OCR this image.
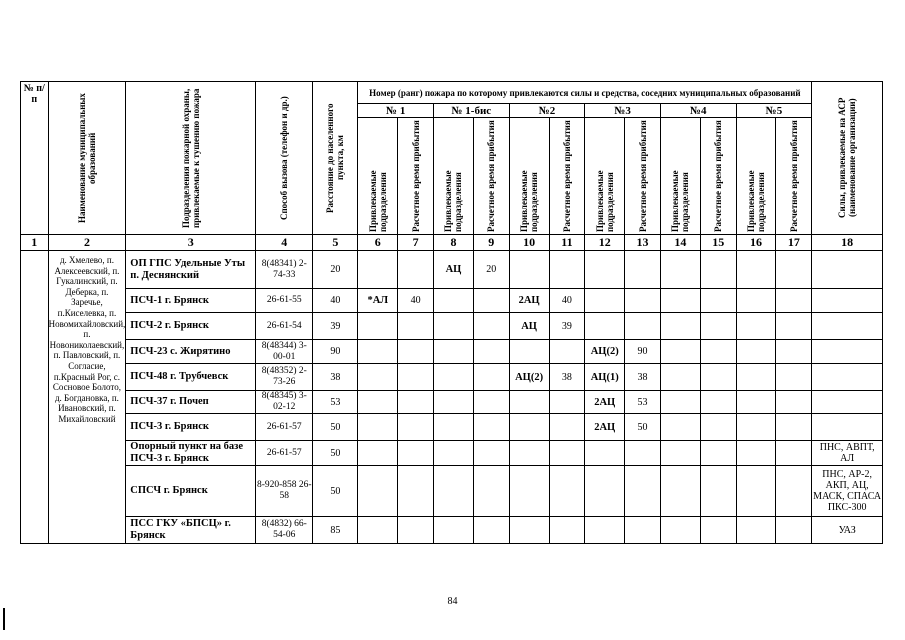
№ п/п	Наименование муниципальных образований	Подразделения пожарной охраны, привлекаемые к тушению пожара	Способ вызова (телефон и др.)	Расстояние до населенного пункта, км	Номер (ранг) пожара по которому привлекаются силы и средства, соседних муниципальных образований												Силы, привлекаемые на АСР (наименование организации)

					№ 1		№ 1-бис		№2		№3		№4		№5		

					Привлекаемые подразделения	Расчетное время прибытия	Привлекаемые подразделения	Расчетное время прибытия	Привлекаемые подразделения	Расчетное время прибытия	Привлекаемые подразделения	Расчетное время прибытия	Привлекаемые подразделения	Расчетное время прибытия	Привлекаемые подразделения	Расчетное время прибытия	

1	2	3	4	5	6	7	8	9	10	11	12	13	14	15	16	17	18
	д. Хмелево, п. Алексеевский, п. Гукалинский, п. Деберка, п. Заречье, п.Киселевка, п. Новомихайловский, п. Новониколаевский, п. Павловский, п. Согласие, п.Красный Рог, с. Сосновое Болото, д. Богдановка, п. Ивановский, п. Михайловский	ОП ГПС Удельные Уты п. Деснянский	8(48341) 2-74-33	20			АЦ	20									
		ПСЧ-1 г. Брянск	26-61-55	40	*АЛ	40			2АЦ	40							
		ПСЧ-2 г. Брянск	26-61-54	39					АЦ	39							
		ПСЧ-23 с. Жирятино	8(48344) 3-00-01	90							АЦ(2)	90					
		ПСЧ-48 г. Трубчевск	8(48352) 2-73-26	38					АЦ(2)	38	АЦ(1)	38					
		ПСЧ-37 г. Почеп	8(48345) 3-02-12	53							2АЦ	53					
		ПСЧ-3 г. Брянск	26-61-57	50							2АЦ	50					
		Опорный пункт на базе ПСЧ-3 г. Брянск	26-61-57	50													ПНС, АВПТ, АЛ
		СПСЧ г. Брянск	8-920-858 26-58	50													ПНС, АР-2, АКП, АЦ, МАСК, СПАСА ПКС-300
		ПСС ГКУ «БПСЦ» г. Брянск	8(4832) 66-54-06	85													УАЗ
84
